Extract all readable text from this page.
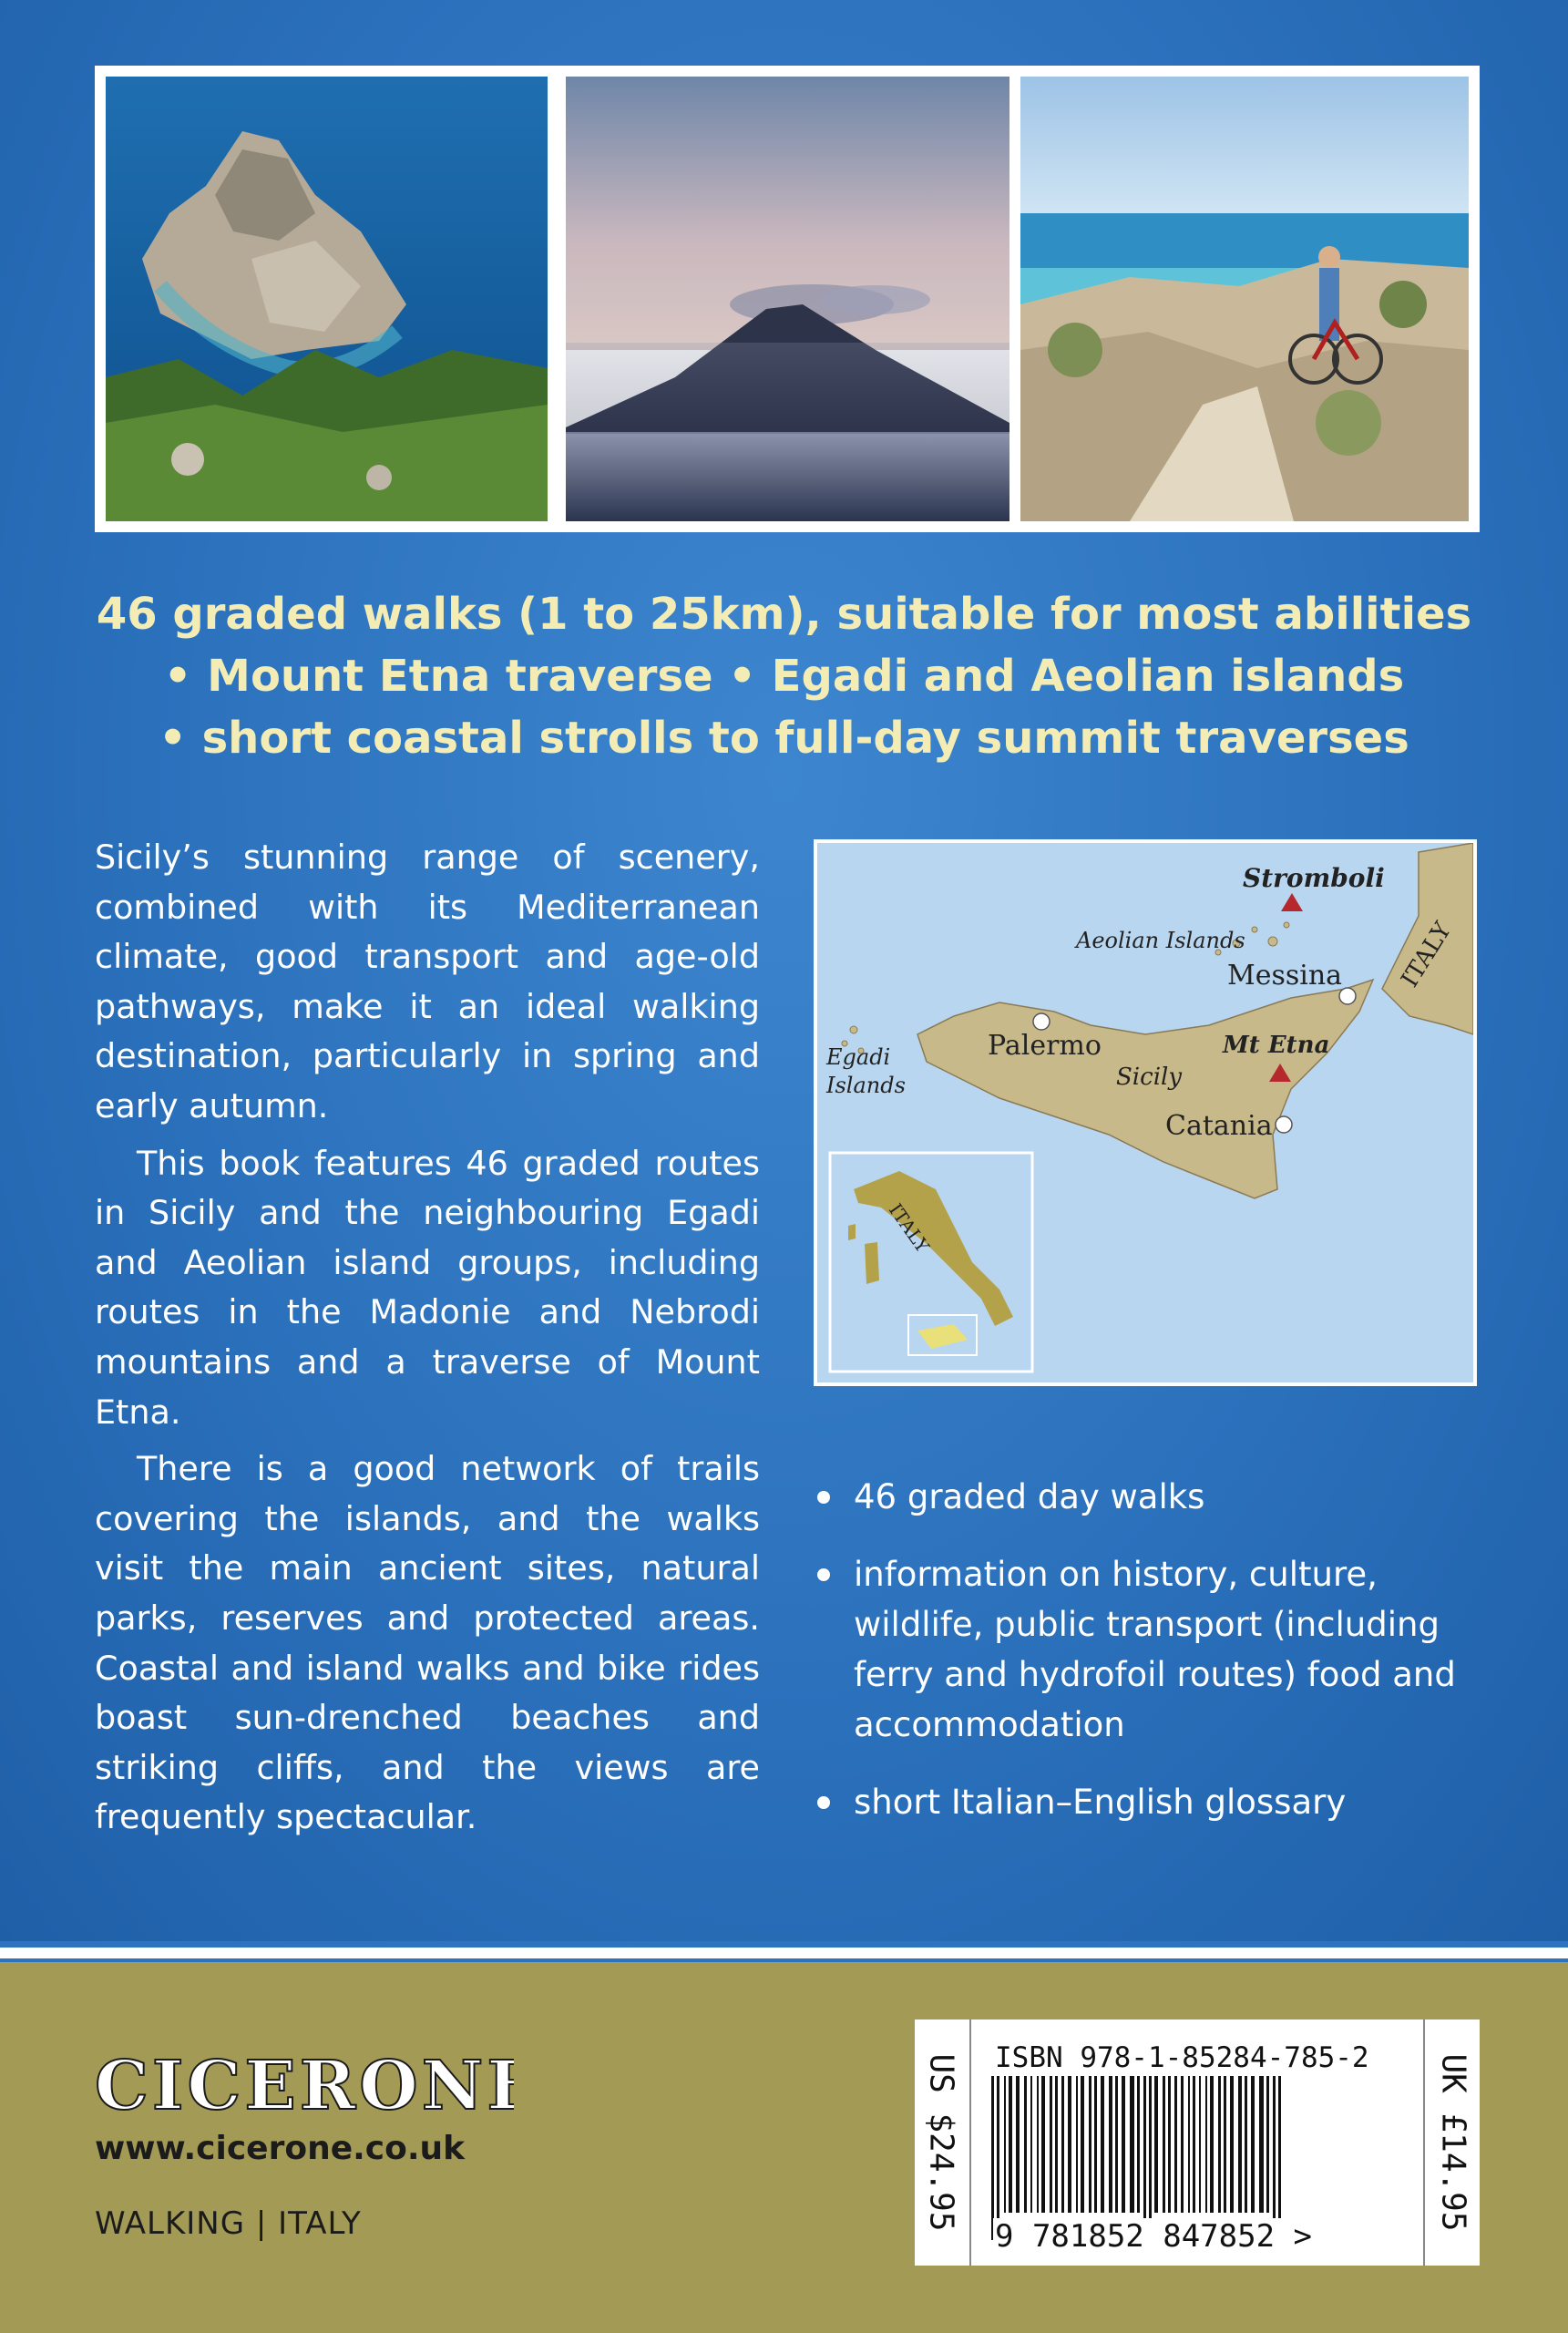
46 graded walks (1 to 25km), suitable for most abilities
• Mount Etna traverse • Egadi and Aeolian islands
• short coastal strolls to full-day summit traverses

Sicily’s stunning range of scenery, combined with its Mediterranean climate, good transport and age-old pathways, make it an ideal walking destination, particularly in spring and early autumn.

This book features 46 graded routes in Sicily and the neighbouring Egadi and Aeolian island groups, including routes in the Madonie and Nebrodi mountains and a traverse of Mount Etna.

There is a good network of trails covering the islands, and the walks visit the main ancient sites, natural parks, reserves and protected areas. Coastal and island walks and bike rides boast sun-drenched beaches and striking cliffs, and the views are frequently spectacular.

Stromboli
Aeolian Islands
Messina ITALY
Palermo	Mt Etna
Egadi
Islands	Sicily
Catania
ITALY
46 graded day walks
information on history, culture, wildlife, public transport (including ferry and hydrofoil routes) food and accommodation
short Italian–English glossary
CICERONE
www.cicerone.co.uk
WALKING | ITALY	US $24.95 ISBN 978-1-85284-785-2
9 781852 847852 >
UK £14.95
